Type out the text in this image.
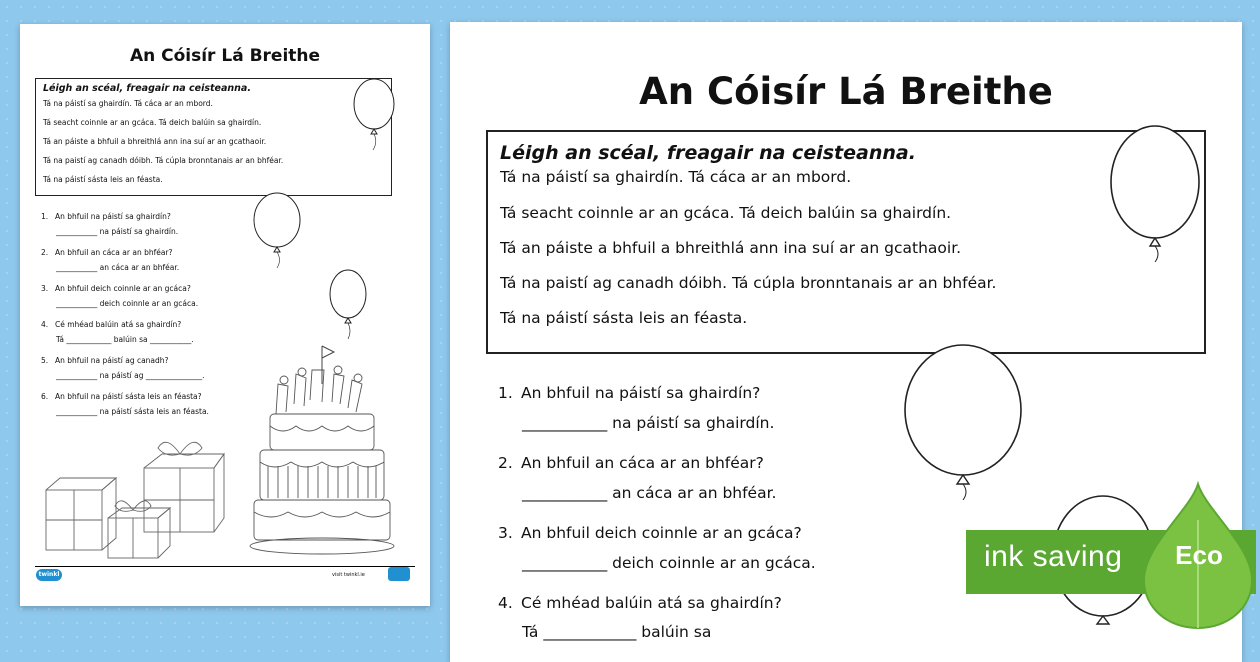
An Cóisír Lá Breithe
Léigh an scéal, freagair na ceisteanna.
Tá na páistí sa ghairdín. Tá cáca ar an mbord.
Tá seacht coinnle ar an gcáca. Tá deich balúin sa ghairdín.
Tá an páiste a bhfuil a bhreithlá ann ina suí ar an gcathaoir.
Tá na paistí ag canadh dóibh. Tá cúpla bronntanais ar an bhféar.
Tá na páistí sásta leis an féasta.
1. An bhfuil na páistí sa ghairdín?
___________ na páistí sa ghairdín.
2. An bhfuil an cáca ar an bhféar?
___________ an cáca ar an bhféar.
3. An bhfuil deich coinnle ar an gcáca?
___________ deich coinnle ar an gcáca.
4. Cé mhéad balúin atá sa ghairdín?
Tá ____________ balúin sa ___________.
5. An bhfuil na páistí ag canadh?
___________ na páistí ag _______________.
6. An bhfuil na páistí sásta leis an féasta?
___________ na páistí sásta leis an féasta.
twinkl	visit twinkl.ie
An Cóisír Lá Breithe
Léigh an scéal, freagair na ceisteanna.
Tá na páistí sa ghairdín. Tá cáca ar an mbord.
Tá seacht coinnle ar an gcáca. Tá deich balúin sa ghairdín.
Tá an páiste a bhfuil a bhreithlá ann ina suí ar an gcathaoir.
Tá na paistí ag canadh dóibh. Tá cúpla bronntanais ar an bhféar.
Tá na páistí sásta leis an féasta.
1. An bhfuil na páistí sa ghairdín?
___________ na páistí sa ghairdín.
2. An bhfuil an cáca ar an bhféar?
___________ an cáca ar an bhféar.
3. An bhfuil deich coinnle ar an gcáca?
___________ deich coinnle ar an gcáca.
4. Cé mhéad balúin atá sa ghairdín?
Tá ____________ balúin sa
ink saving	Eco
